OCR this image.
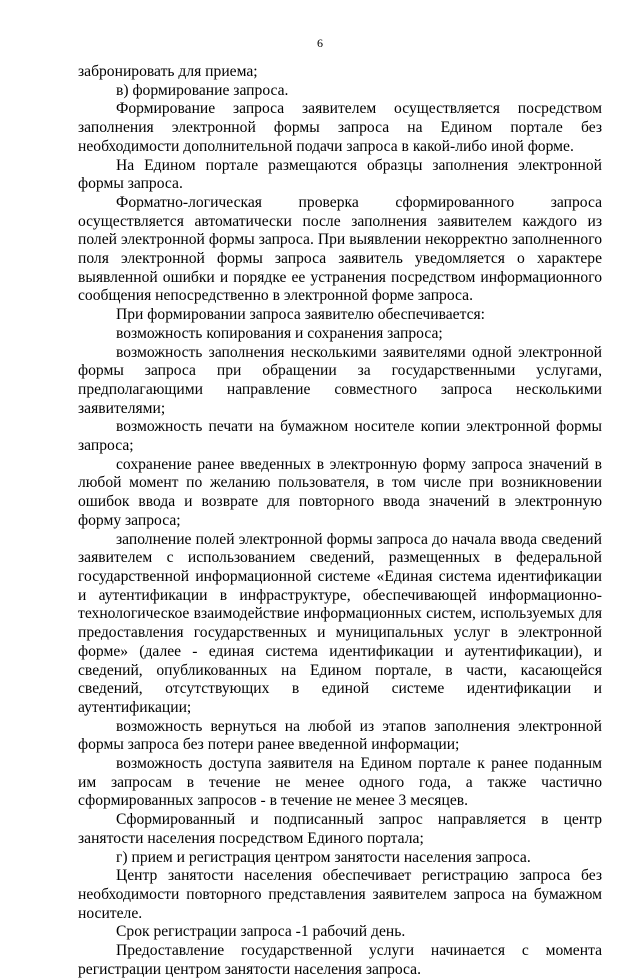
6

забронировать для приема;

в) формирование запроса.

Формирование запроса заявителем осуществляется посредством заполнения электронной формы запроса на Едином портале без необходимости дополнительной подачи запроса в какой-либо иной форме.

На Едином портале размещаются образцы заполнения электронной формы запроса.

Форматно-логическая проверка сформированного запроса осуществляется автоматически после заполнения заявителем каждого из полей электронной формы запроса. При выявлении некорректно заполненного поля электронной формы запроса заявитель уведомляется о характере выявленной ошибки и порядке ее устранения посредством информационного сообщения непосредственно в электронной форме запроса.

При формировании запроса заявителю обеспечивается:

возможность копирования и сохранения запроса;

возможность заполнения несколькими заявителями одной электронной формы запроса при обращении за государственными услугами, предполагающими направление совместного запроса несколькими заявителями;

возможность печати на бумажном носителе копии электронной формы запроса;

сохранение ранее введенных в электронную форму запроса значений в любой момент по желанию пользователя, в том числе при возникновении ошибок ввода и возврате для повторного ввода значений в электронную форму запроса;

заполнение полей электронной формы запроса до начала ввода сведений заявителем с использованием сведений, размещенных в федеральной государственной информационной системе «Единая система идентификации и аутентификации в инфраструктуре, обеспечивающей информационно-технологическое взаимодействие информационных систем, используемых для предоставления государственных и муниципальных услуг в электронной форме» (далее - единая система идентификации и аутентификации), и сведений, опубликованных на Едином портале, в части, касающейся сведений, отсутствующих в единой системе идентификации и аутентификации;

возможность вернуться на любой из этапов заполнения электронной формы запроса без потери ранее введенной информации;

возможность доступа заявителя на Едином портале к ранее поданным им запросам в течение не менее одного года, а также частично сформированных запросов - в течение не менее 3 месяцев.

Сформированный и подписанный запрос направляется в центр занятости населения посредством Единого портала;

г) прием и регистрация центром занятости населения запроса.

Центр занятости населения обеспечивает регистрацию запроса без необходимости повторного представления заявителем запроса на бумажном носителе.

Срок регистрации запроса -1 рабочий день.

Предоставление государственной услуги начинается с момента регистрации центром занятости населения запроса.
